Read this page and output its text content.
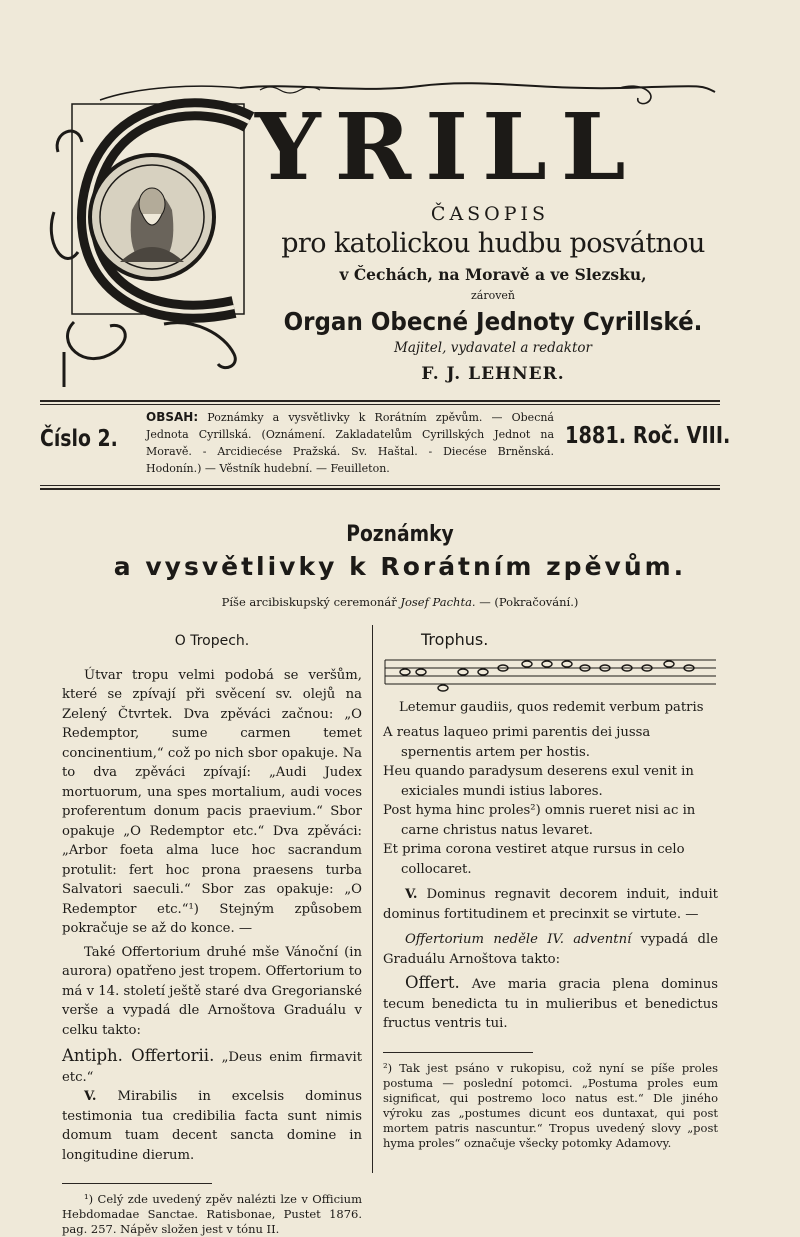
YRILL
ČASOPIS
pro katolickou hudbu posvátnou
v Čechách, na Moravě a ve Slezsku,
zároveň
Organ Obecné Jednoty Cyrillské.
Majitel, vydavatel a redaktor
F. J. LEHNER.
Číslo 2.
OBSAH: Poznámky a vysvětlivky k Rorátním zpěvům. — Obecná Jednota Cyrillská. (Oznámení. Zakladatelům Cyrillských Jednot na Moravě. - Arcidiecése Pražská. Sv. Haštal. - Diecése Brněnská. Hodonín.) — Věstník hudební. — Feuilleton.
1881. Roč. VIII.
Poznámky
a vysvětlivky k Rorátním zpěvům.
Píše arcibiskupský ceremonář Josef Pachta. — (Pokračování.)
O Tropech.

Útvar tropu velmi podobá se veršům, které se zpívají při svěcení sv. olejů na Zelený Čtvrtek. Dva zpěváci začnou: „O Redemptor, sume carmen temet concinentium,“ což po nich sbor opakuje. Na to dva zpěváci zpívají: „Audi Judex mortuorum, una spes mortalium, audi voces proferentum donum pacis praevium.“ Sbor opakuje „O Redemptor etc.“ Dva zpěváci: „Arbor foeta alma luce hoc sacrandum protulit: fert hoc prona praesens turba Salvatori saeculi.“ Sbor zas opakuje: „O Redemptor etc.“¹) Stejným způsobem pokračuje se až do konce. —

Také Offertorium druhé mše Vánoční (in aurora) opatřeno jest tropem. Offertorium to má v 14. století ještě staré dva Gregorianské verše a vypadá dle Arnoštova Graduálu v celku takto:

Antiph. Offertorii. „Deus enim firmavit etc.“

V. Mirabilis in excelsis dominus testimonia tua credibilia facta sunt nimis domum tuam decent sancta domine in longitudine dierum.

¹) Celý zde uvedený zpěv nalézti lze v Officium Hebdomadae Sanctae. Ratisbonae, Pustet 1876. pag. 257. Nápěv složen jest v tónu II.

Trophus.

Letemur gaudiis, quos redemit verbum patris

A reatus laqueo primi parentis dei jussa spernentis artem per hostis.

Heu quando paradysum deserens exul venit in exiciales mundi istius labores.

Post hyma hinc proles²) omnis rueret nisi ac in carne christus natus levaret.

Et prima corona vestiret atque rursus in celo collocaret.

V. Dominus regnavit decorem induit, induit dominus fortitudinem et precinxit se virtute. —

Offertorium neděle IV. adventní vypadá dle Graduálu Arnoštova takto:

Offert. Ave maria gracia plena dominus tecum benedicta tu in mulieribus et benedictus fructus ventris tui.

²) Tak jest psáno v rukopisu, což nyní se píše proles postuma — poslední potomci. „Postuma proles eum significat, qui postremo loco natus est.“ Dle jiného výroku zas „postumes dicunt eos duntaxat, qui post mortem patris nascuntur.“ Tropus uvedený slovy „post hyma proles“ označuje všecky potomky Adamovy.
